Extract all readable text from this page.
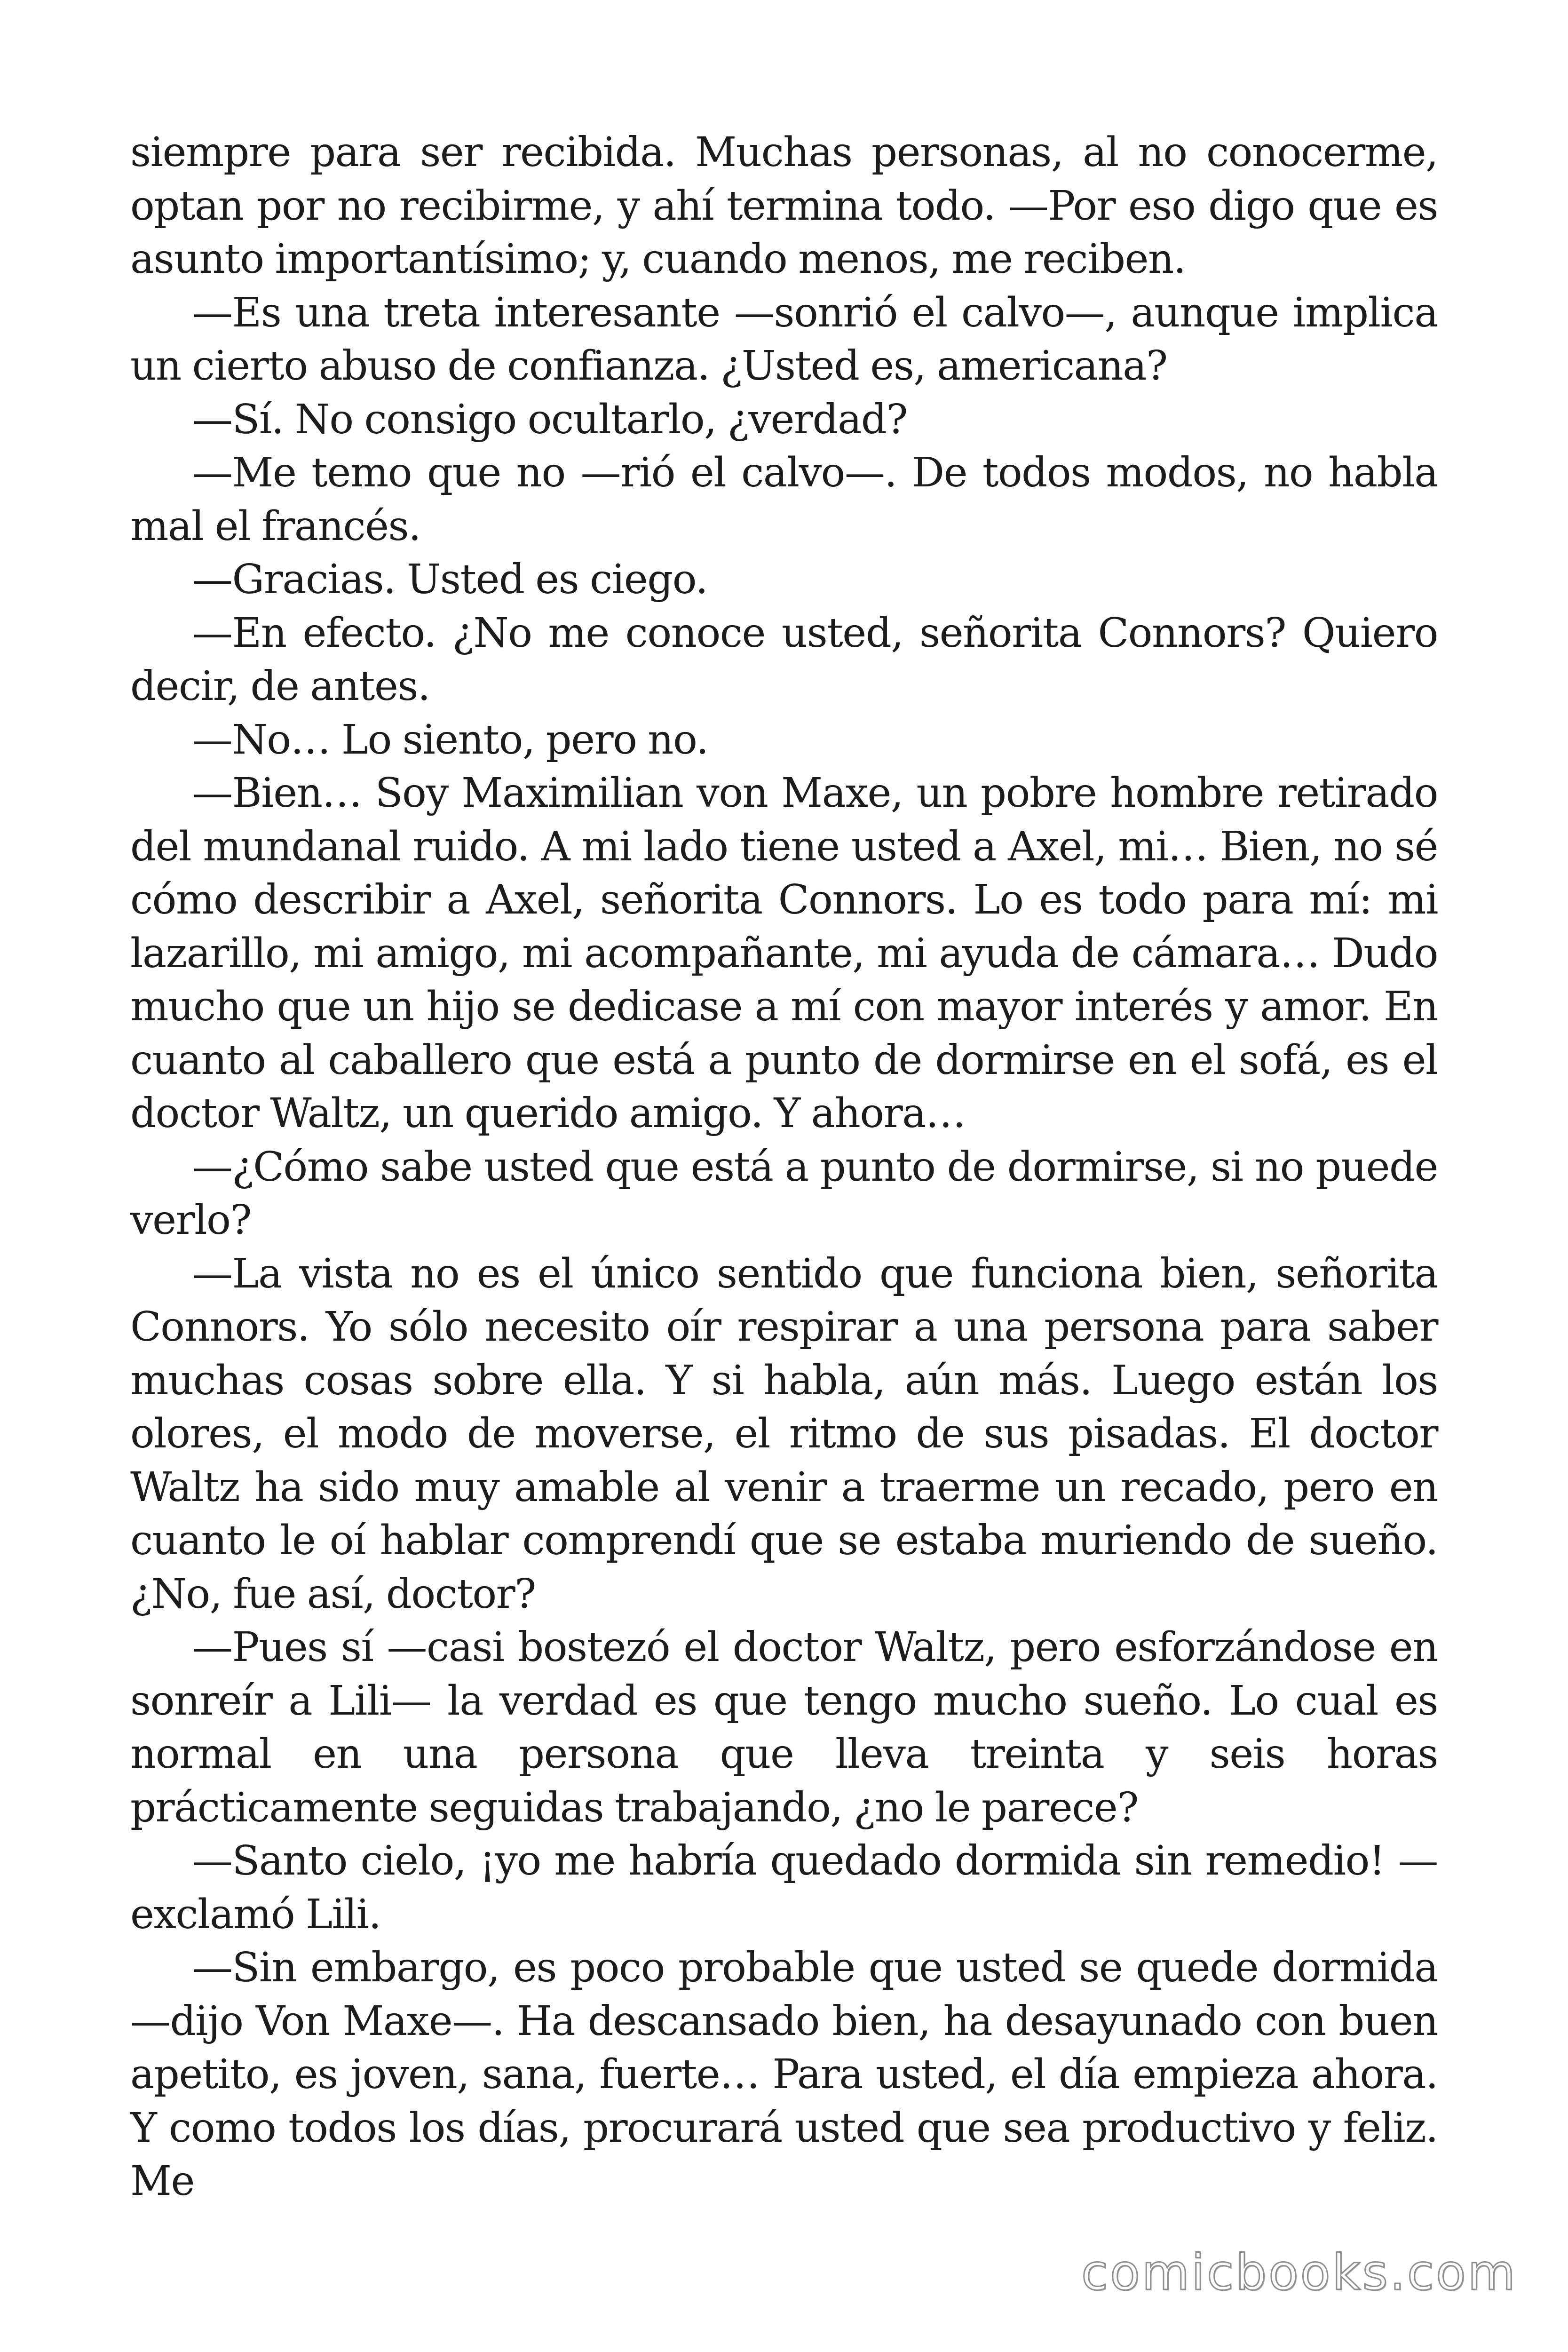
siempre para ser recibida. Muchas personas, al no conocerme, optan por no recibirme, y ahí termina todo. —Por eso digo que es asunto importantísimo; y, cuando menos, me reciben.

—Es una treta interesante —sonrió el calvo—, aunque implica un cierto abuso de confianza. ¿Usted es, americana?

—Sí. No consigo ocultarlo, ¿verdad?

—Me temo que no —rió el calvo—. De todos modos, no habla mal el francés.

—Gracias. Usted es ciego.

—En efecto. ¿No me conoce usted, señorita Connors? Quiero decir, de antes.

—No… Lo siento, pero no.

—Bien… Soy Maximilian von Maxe, un pobre hombre retirado del mundanal ruido. A mi lado tiene usted a Axel, mi… Bien, no sé cómo describir a Axel, señorita Connors. Lo es todo para mí: mi lazarillo, mi amigo, mi acompañante, mi ayuda de cámara… Dudo mucho que un hijo se dedicase a mí con mayor interés y amor. En cuanto al caballero que está a punto de dormirse en el sofá, es el doctor Waltz, un querido amigo. Y ahora…

—¿Cómo sabe usted que está a punto de dormirse, si no puede verlo?

—La vista no es el único sentido que funciona bien, señorita Connors. Yo sólo necesito oír respirar a una persona para saber muchas cosas sobre ella. Y si habla, aún más. Luego están los olores, el modo de moverse, el ritmo de sus pisadas. El doctor Waltz ha sido muy amable al venir a traerme un recado, pero en cuanto le oí hablar comprendí que se estaba muriendo de sueño. ¿No, fue así, doctor?

—Pues sí —casi bostezó el doctor Waltz, pero esforzándose en sonreír a Lili— la verdad es que tengo mucho sueño. Lo cual es normal en una persona que lleva treinta y seis horas prácticamente seguidas trabajando, ¿no le parece?

—Santo cielo, ¡yo me habría quedado dormida sin remedio! —exclamó Lili.

—Sin embargo, es poco probable que usted se quede dormida —dijo Von Maxe—. Ha descansado bien, ha desayunado con buen apetito, es joven, sana, fuerte… Para usted, el día empieza ahora. Y como todos los días, procurará usted que sea productivo y feliz. Me

comicbooks.com
